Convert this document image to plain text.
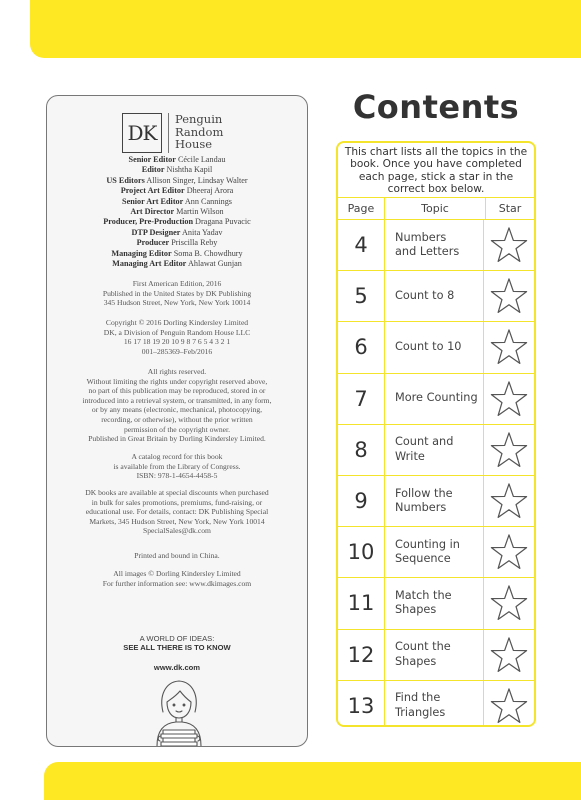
DK
Penguin
Random
House
Senior Editor Cécile Landau
Editor Nishtha Kapil
US Editors Allison Singer, Lindsay Walter
Project Art Editor Dheeraj Arora
Senior Art Editor Ann Cannings
Art Director Martin Wilson
Producer, Pre-Production Dragana Puvacic
DTP Designer Anita Yadav
Producer Priscilla Reby
Managing Editor Soma B. Chowdhury
Managing Art Editor Ahlawat Gunjan
First American Edition, 2016
Published in the United States by DK Publishing
345 Hudson Street, New York, New York 10014
Copyright © 2016 Dorling Kindersley Limited
DK, a Division of Penguin Random House LLC
16 17 18 19 20 10 9 8 7 6 5 4 3 2 1
001–285369–Feb/2016
All rights reserved.
Without limiting the rights under copyright reserved above,
no part of this publication may be reproduced, stored in or
introduced into a retrieval system, or transmitted, in any form,
or by any means (electronic, mechanical, photocopying,
recording, or otherwise), without the prior written
permission of the copyright owner.
Published in Great Britain by Dorling Kindersley Limited.
A catalog record for this book
is available from the Library of Congress.
ISBN: 978-1-4654-4458-5
DK books are available at special discounts when purchased
in bulk for sales promotions, premiums, fund-raising, or
educational use. For details, contact: DK Publishing Special
Markets, 345 Hudson Street, New York, New York 10014
SpecialSales@dk.com
Printed and bound in China.
All images © Dorling Kindersley Limited
For further information see: www.dkimages.com
A WORLD OF IDEAS:
SEE ALL THERE IS TO KNOW
www.dk.com
Contents
This chart lists all the topics in the book. Once you have completed each page, stick a star in the correct box below.
Page	Topic	Star
4	Numbers
and Letters
5	Count to 8
6	Count to 10
7	More Counting
8	Count and Write
9	Follow the
Numbers
10	Counting in
Sequence
11	Match the
Shapes
12	Count the
Shapes
13	Find the
Triangles
